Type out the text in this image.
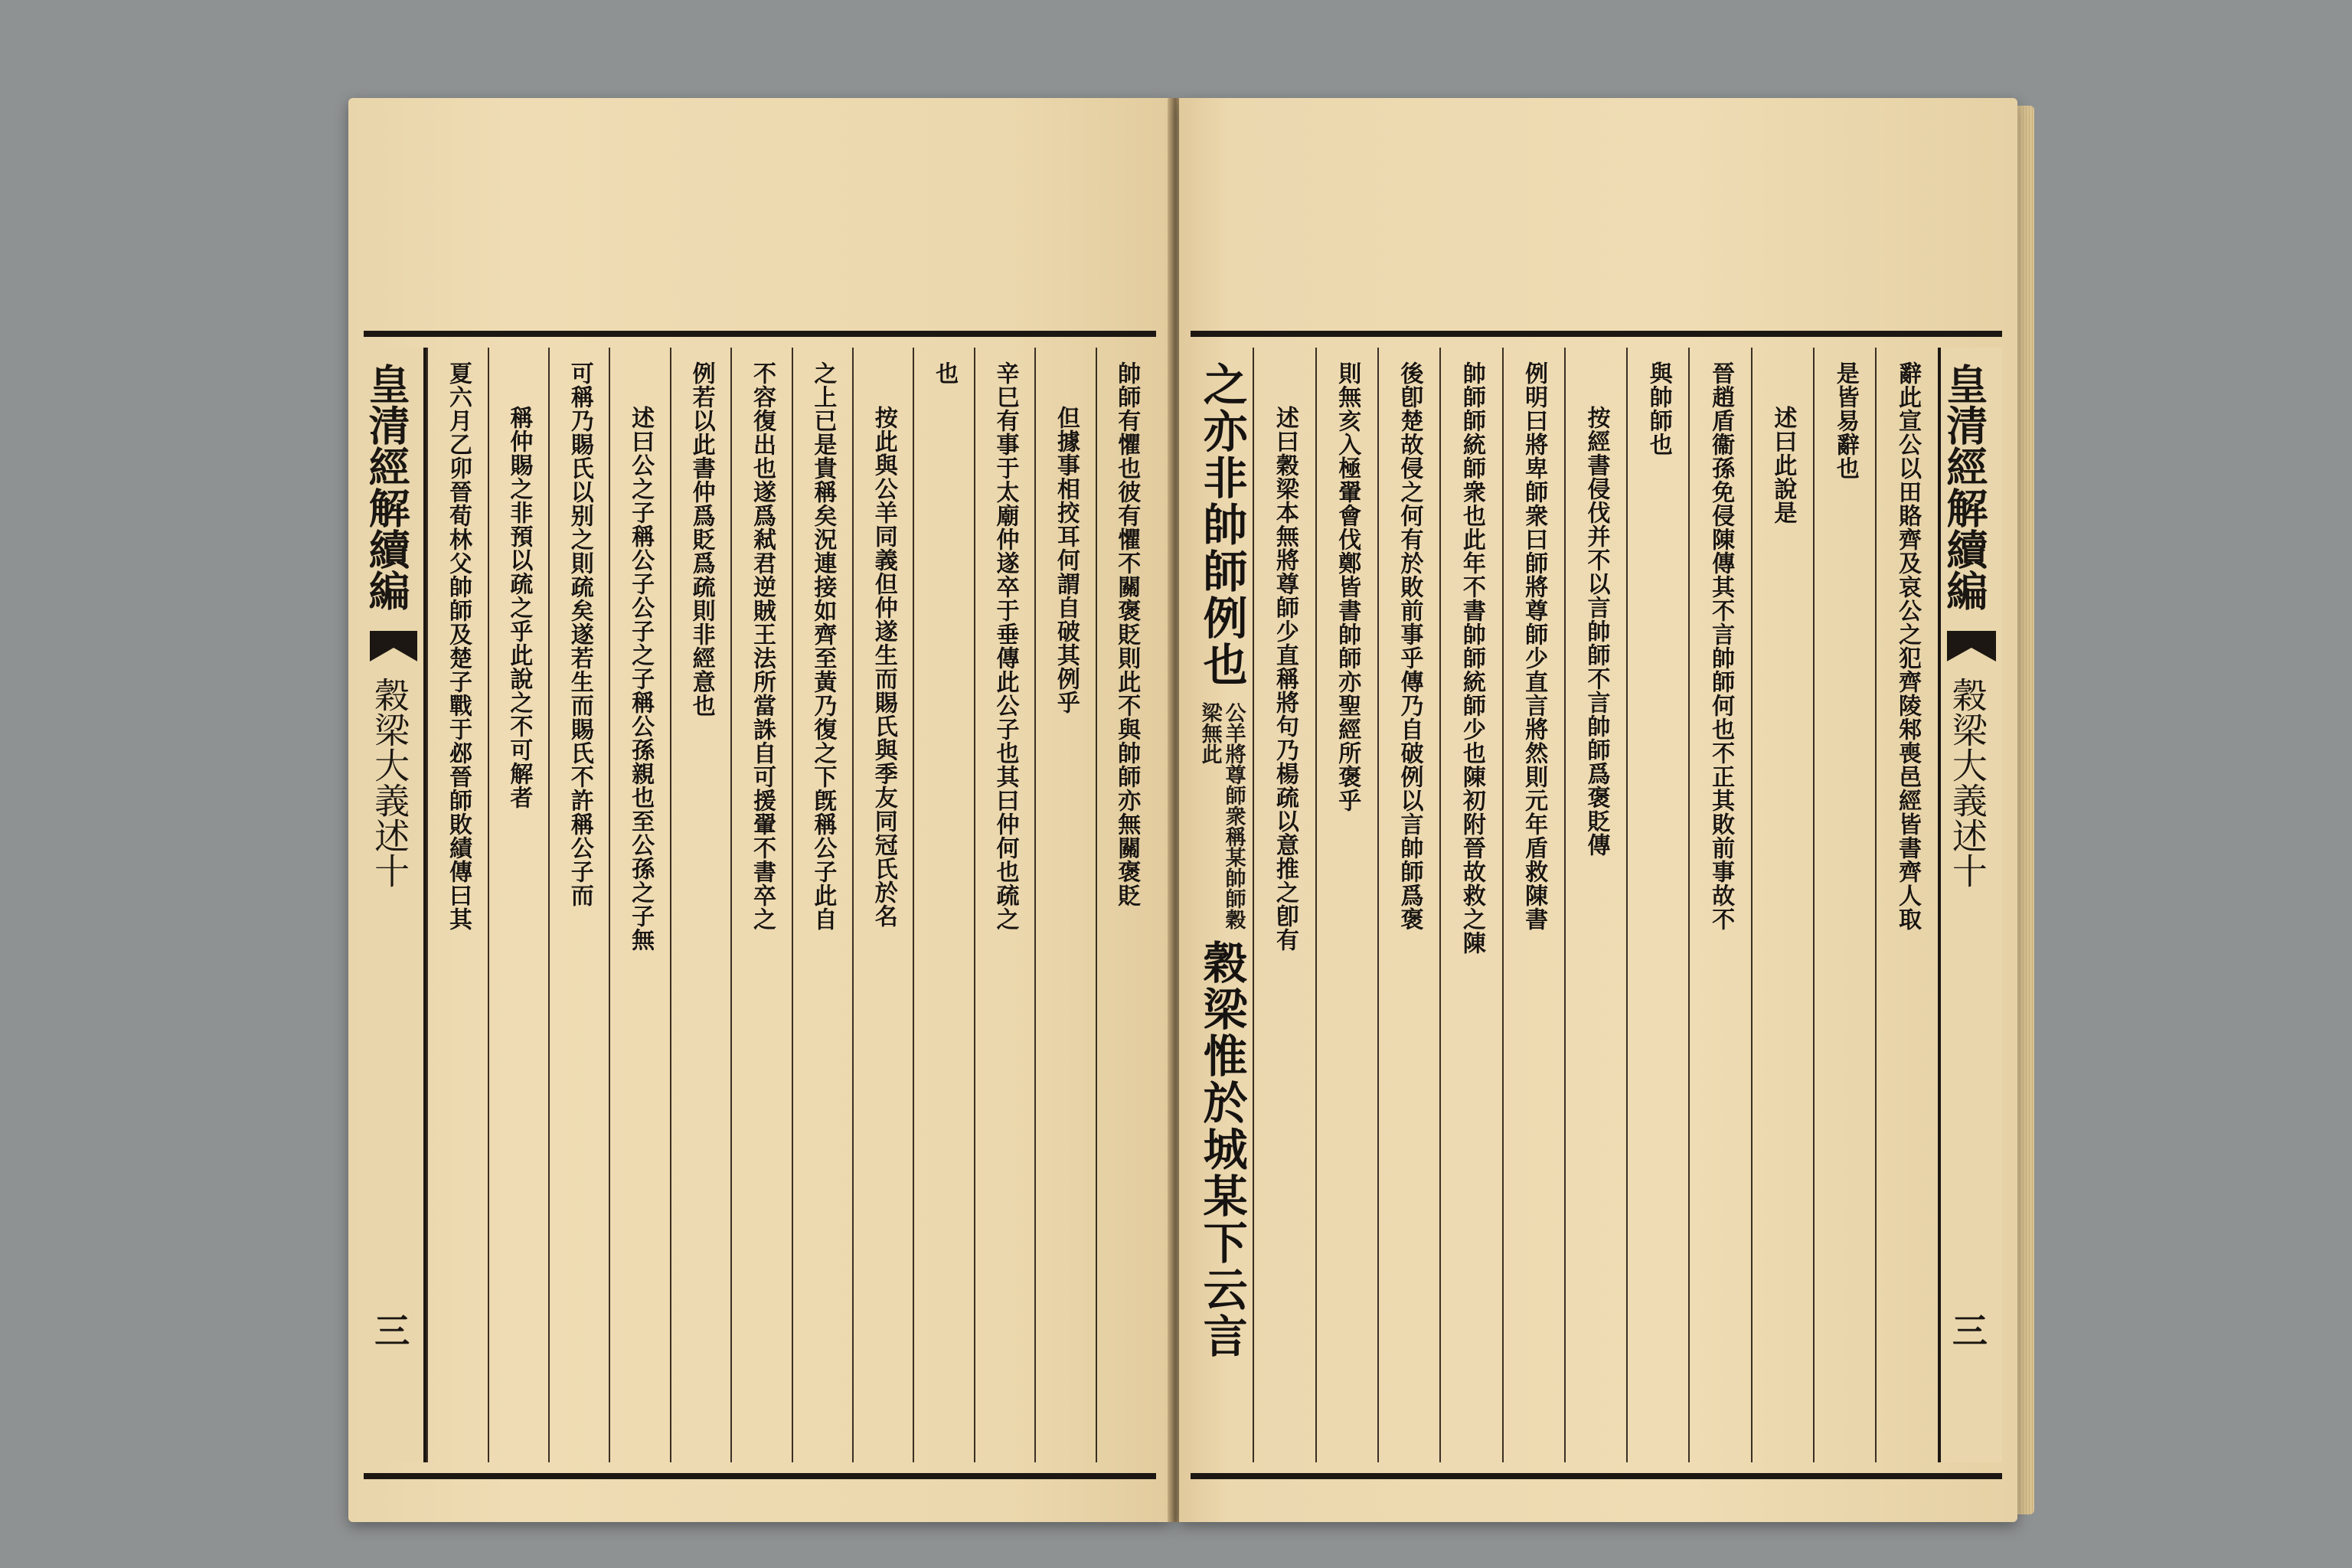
帥師有懼也彼有懼不關褒貶則此不與帥師亦無關褒貶
但據事相挍耳何謂自破其例乎
辛巳有事于太廟仲遂卒于垂傳此公子也其曰仲何也疏之
也
按此與公羊同義但仲遂生而賜氏與季友同冠氏於名
之上已是貴稱矣況連接如齊至黃乃復之下旣稱公子此自
不容復出也遂爲弒君逆賊王法所當誅自可援翬不書卒之
例若以此書仲爲貶爲疏則非經意也
述曰公之子稱公子公子之子稱公孫親也至公孫之子無
可稱乃賜氏以别之則疏矣遂若生而賜氏不許稱公子而
稱仲賜之非預以疏之乎此說之不可解者
夏六月乙卯晉荀林父帥師及楚子戰于邲晉師敗績傳曰其
皇清經解續編
穀梁大義述十
三
皇清經解續編
穀梁大義述十
三
辭此宣公以田賂齊及哀公之犯齊陵邾喪邑經皆書齊人取
是皆易辭也
述曰此說是
晉趙盾衞孫免侵陳傳其不言帥師何也不正其敗前事故不
與帥師也
按經書侵伐并不以言帥師不言帥師爲褒貶傳
例明曰將卑師衆曰師將尊師少直言將然則元年盾救陳書
帥師師統師衆也此年不書帥師統師少也陳初附晉故救之陳
後卽楚故侵之何有於敗前事乎傳乃自破例以言帥師爲褒
則無亥入極翬會伐鄭皆書帥師亦聖經所褒乎
述曰穀梁本無將尊師少直稱將句乃楊疏以意推之卽有
之亦非帥師例也
公羊將尊師衆稱某帥師穀梁無此
穀梁惟於城某下云言
